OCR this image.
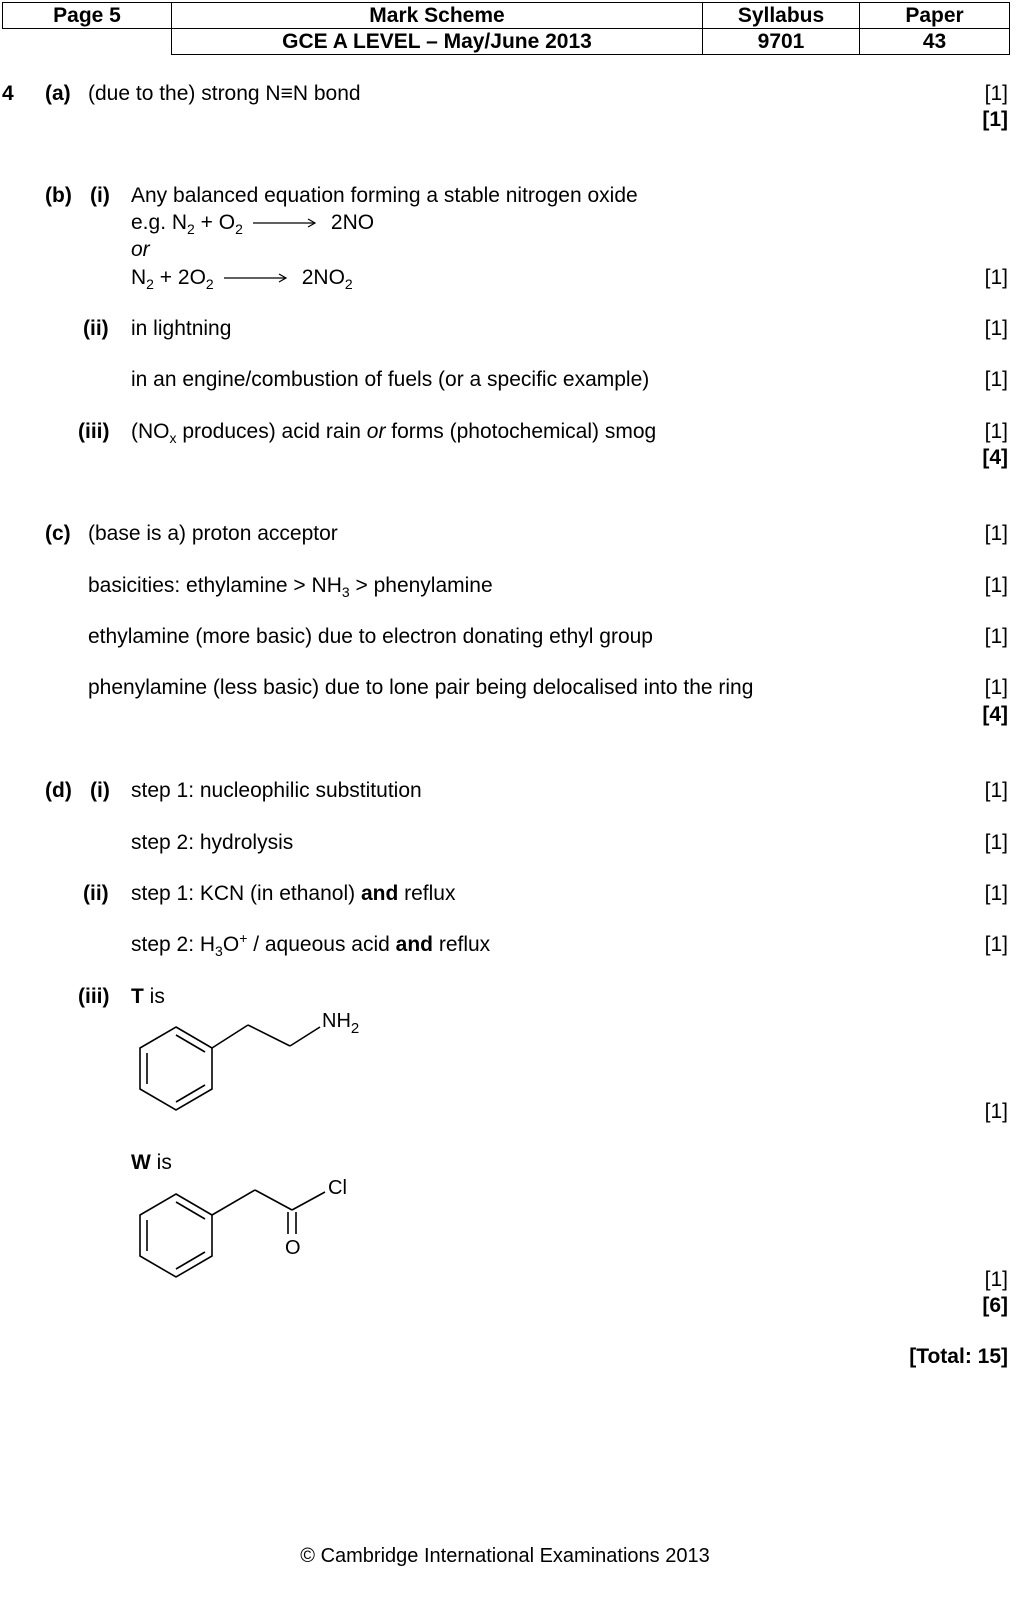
Page 5	Mark Scheme	Syllabus	Paper
	GCE A LEVEL – May/June 2013	9701	43
4 (a) (due to the) strong N≡N bond	[1]
[1]
(b) (i) Any balanced equation forming a stable nitrogen oxide
e.g. $N_2 + O_2 \to 2NO$
or
$N_2 + 2O_2 \to 2NO_2$	[1]
(ii) in lightning	[1]
in an engine/combustion of fuels (or a specific example)	[1]
(iii) ($NO_x$ produces) acid rain or forms (photochemical) smog	[1]
[4]
(c) (base is a) proton acceptor	[1]
basicities: ethylamine > $NH_3$ > phenylamine	[1]
ethylamine (more basic) due to electron donating ethyl group	[1]
phenylamine (less basic) due to lone pair being delocalised into the ring	[1]
[4]
(d) (i) step 1: nucleophilic substitution	[1]
step 2: hydrolysis	[1]
(ii) step 1: KCN (in ethanol) and reflux	[1]
step 2: $H_3O^+$ / aqueous acid and reflux	[1]
(iii) T is
$NH_2$
[1]
W is
Cl
O
[1]
[6]
[Total: 15]
© Cambridge International Examinations 2013
